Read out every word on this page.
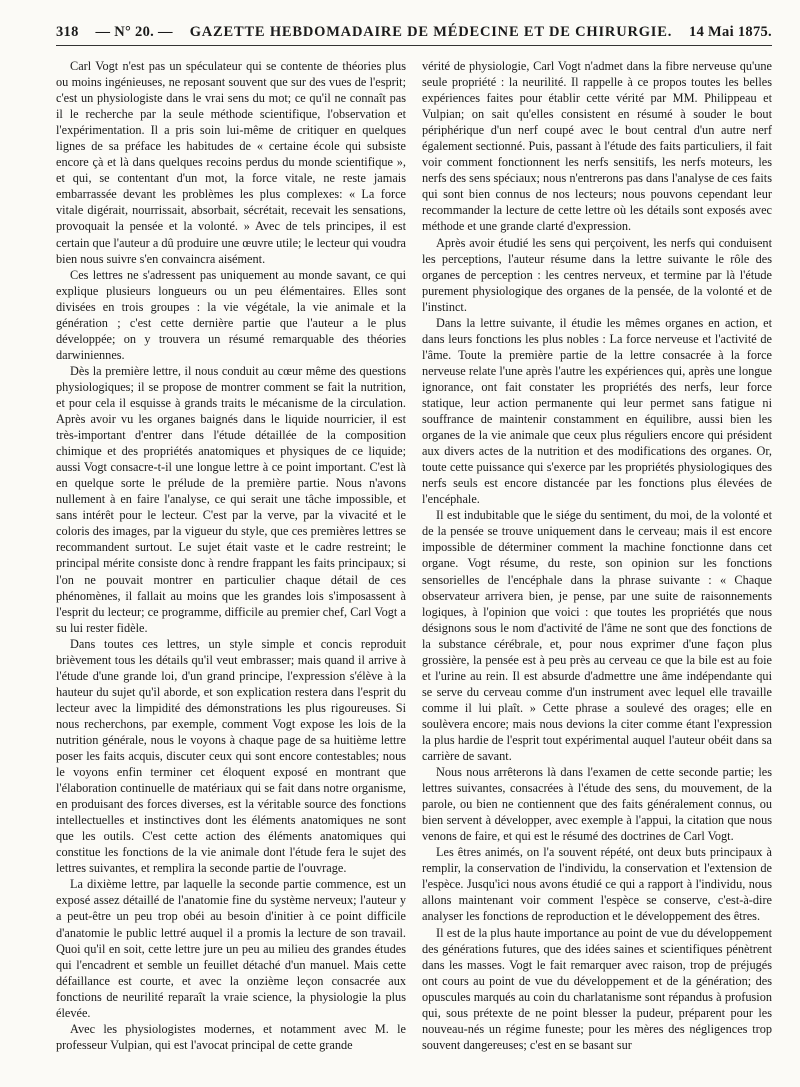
318 — N° 20. — GAZETTE HEBDOMADAIRE DE MÉDECINE ET DE CHIRURGIE. 14 Mai 1875.

Carl Vogt n'est pas un spéculateur qui se contente de théories plus ou moins ingénieuses, ne reposant souvent que sur des vues de l'esprit; c'est un physiologiste dans le vrai sens du mot; ce qu'il ne connaît pas il le recherche par la seule méthode scientifique, l'observation et l'expérimentation. Il a pris soin lui-même de critiquer en quelques lignes de sa préface les habitudes de « certaine école qui subsiste encore çà et là dans quelques recoins perdus du monde scientifique », et qui, se contentant d'un mot, la force vitale, ne reste jamais embarrassée devant les problèmes les plus complexes: « La force vitale digérait, nourrissait, absorbait, sécrétait, recevait les sensations, provoquait la pensée et la volonté. » Avec de tels principes, il est certain que l'auteur a dû produire une œuvre utile; le lecteur qui voudra bien nous suivre s'en convaincra aisément.

Ces lettres ne s'adressent pas uniquement au monde savant, ce qui explique plusieurs longueurs ou un peu élémentaires. Elles sont divisées en trois groupes : la vie végétale, la vie animale et la génération ; c'est cette dernière partie que l'auteur a le plus développée; on y trouvera un résumé remarquable des théories darwiniennes.

Dès la première lettre, il nous conduit au cœur même des questions physiologiques; il se propose de montrer comment se fait la nutrition, et pour cela il esquisse à grands traits le mécanisme de la circulation. Après avoir vu les organes baignés dans le liquide nourricier, il est très-important d'entrer dans l'étude détaillée de la composition chimique et des propriétés anatomiques et physiques de ce liquide; aussi Vogt consacre-t-il une longue lettre à ce point important. C'est là en quelque sorte le prélude de la première partie. Nous n'avons nullement à en faire l'analyse, ce qui serait une tâche impossible, et sans intérêt pour le lecteur. C'est par la verve, par la vivacité et le coloris des images, par la vigueur du style, que ces premières lettres se recommandent surtout. Le sujet était vaste et le cadre restreint; le principal mérite consiste donc à rendre frappant les faits principaux; si l'on ne pouvait montrer en particulier chaque détail de ces phénomènes, il fallait au moins que les grandes lois s'imposassent à l'esprit du lecteur; ce programme, difficile au premier chef, Carl Vogt a su lui rester fidèle.

Dans toutes ces lettres, un style simple et concis reproduit brièvement tous les détails qu'il veut embrasser; mais quand il arrive à l'étude d'une grande loi, d'un grand principe, l'expression s'élève à la hauteur du sujet qu'il aborde, et son explication restera dans l'esprit du lecteur avec la limpidité des démonstrations les plus rigoureuses. Si nous recherchons, par exemple, comment Vogt expose les lois de la nutrition générale, nous le voyons à chaque page de sa huitième lettre poser les faits acquis, discuter ceux qui sont encore contestables; nous le voyons enfin terminer cet éloquent exposé en montrant que l'élaboration continuelle de matériaux qui se fait dans notre organisme, en produisant des forces diverses, est la véritable source des fonctions intellectuelles et instinctives dont les éléments anatomiques ne sont que les outils. C'est cette action des éléments anatomiques qui constitue les fonctions de la vie animale dont l'étude fera le sujet des lettres suivantes, et remplira la seconde partie de l'ouvrage.

La dixième lettre, par laquelle la seconde partie commence, est un exposé assez détaillé de l'anatomie fine du système nerveux; l'auteur y a peut-être un peu trop obéi au besoin d'initier à ce point difficile d'anatomie le public lettré auquel il a promis la lecture de son travail. Quoi qu'il en soit, cette lettre jure un peu au milieu des grandes études qui l'encadrent et semble un feuillet détaché d'un manuel. Mais cette défaillance est courte, et avec la onzième leçon consacrée aux fonctions de neurilité reparaît la vraie science, la physiologie la plus élevée.

Avec les physiologistes modernes, et notamment avec M. le professeur Vulpian, qui est l'avocat principal de cette grande

vérité de physiologie, Carl Vogt n'admet dans la fibre nerveuse qu'une seule propriété : la neurilité. Il rappelle à ce propos toutes les belles expériences faites pour établir cette vérité par MM. Philippeau et Vulpian; on sait qu'elles consistent en résumé à souder le bout périphérique d'un nerf coupé avec le bout central d'un autre nerf également sectionné. Puis, passant à l'étude des faits particuliers, il fait voir comment fonctionnent les nerfs sensitifs, les nerfs moteurs, les nerfs des sens spéciaux; nous n'entrerons pas dans l'analyse de ces faits qui sont bien connus de nos lecteurs; nous pouvons cependant leur recommander la lecture de cette lettre où les détails sont exposés avec méthode et une grande clarté d'expression.

Après avoir étudié les sens qui perçoivent, les nerfs qui conduisent les perceptions, l'auteur résume dans la lettre suivante le rôle des organes de perception : les centres nerveux, et termine par là l'étude purement physiologique des organes de la pensée, de la volonté et de l'instinct.

Dans la lettre suivante, il étudie les mêmes organes en action, et dans leurs fonctions les plus nobles : La force nerveuse et l'activité de l'âme. Toute la première partie de la lettre consacrée à la force nerveuse relate l'une après l'autre les expériences qui, après une longue ignorance, ont fait constater les propriétés des nerfs, leur force statique, leur action permanente qui leur permet sans fatigue ni souffrance de maintenir constamment en équilibre, aussi bien les organes de la vie animale que ceux plus réguliers encore qui président aux divers actes de la nutrition et des modifications des organes. Or, toute cette puissance qui s'exerce par les propriétés physiologiques des nerfs seuls est encore distancée par les fonctions plus élevées de l'encéphale.

Il est indubitable que le siége du sentiment, du moi, de la volonté et de la pensée se trouve uniquement dans le cerveau; mais il est encore impossible de déterminer comment la machine fonctionne dans cet organe. Vogt résume, du reste, son opinion sur les fonctions sensorielles de l'encéphale dans la phrase suivante : « Chaque observateur arrivera bien, je pense, par une suite de raisonnements logiques, à l'opinion que voici : que toutes les propriétés que nous désignons sous le nom d'activité de l'âme ne sont que des fonctions de la substance cérébrale, et, pour nous exprimer d'une façon plus grossière, la pensée est à peu près au cerveau ce que la bile est au foie et l'urine au rein. Il est absurde d'admettre une âme indépendante qui se serve du cerveau comme d'un instrument avec lequel elle travaille comme il lui plaît. » Cette phrase a soulevé des orages; elle en soulèvera encore; mais nous devions la citer comme étant l'expression la plus hardie de l'esprit tout expérimental auquel l'auteur obéit dans sa carrière de savant.

Nous nous arrêterons là dans l'examen de cette seconde partie; les lettres suivantes, consacrées à l'étude des sens, du mouvement, de la parole, ou bien ne contiennent que des faits généralement connus, ou bien servent à développer, avec exemple à l'appui, la citation que nous venons de faire, et qui est le résumé des doctrines de Carl Vogt.

Les êtres animés, on l'a souvent répété, ont deux buts principaux à remplir, la conservation de l'individu, la conservation et l'extension de l'espèce. Jusqu'ici nous avons étudié ce qui a rapport à l'individu, nous allons maintenant voir comment l'espèce se conserve, c'est-à-dire analyser les fonctions de reproduction et le développement des êtres.

Il est de la plus haute importance au point de vue du développement des générations futures, que des idées saines et scientifiques pénètrent dans les masses. Vogt le fait remarquer avec raison, trop de préjugés ont cours au point de vue du développement et de la génération; des opuscules marqués au coin du charlatanisme sont répandus à profusion qui, sous prétexte de ne point blesser la pudeur, préparent pour les nouveau-nés un régime funeste; pour les mères des négligences trop souvent dangereuses; c'est en se basant sur
